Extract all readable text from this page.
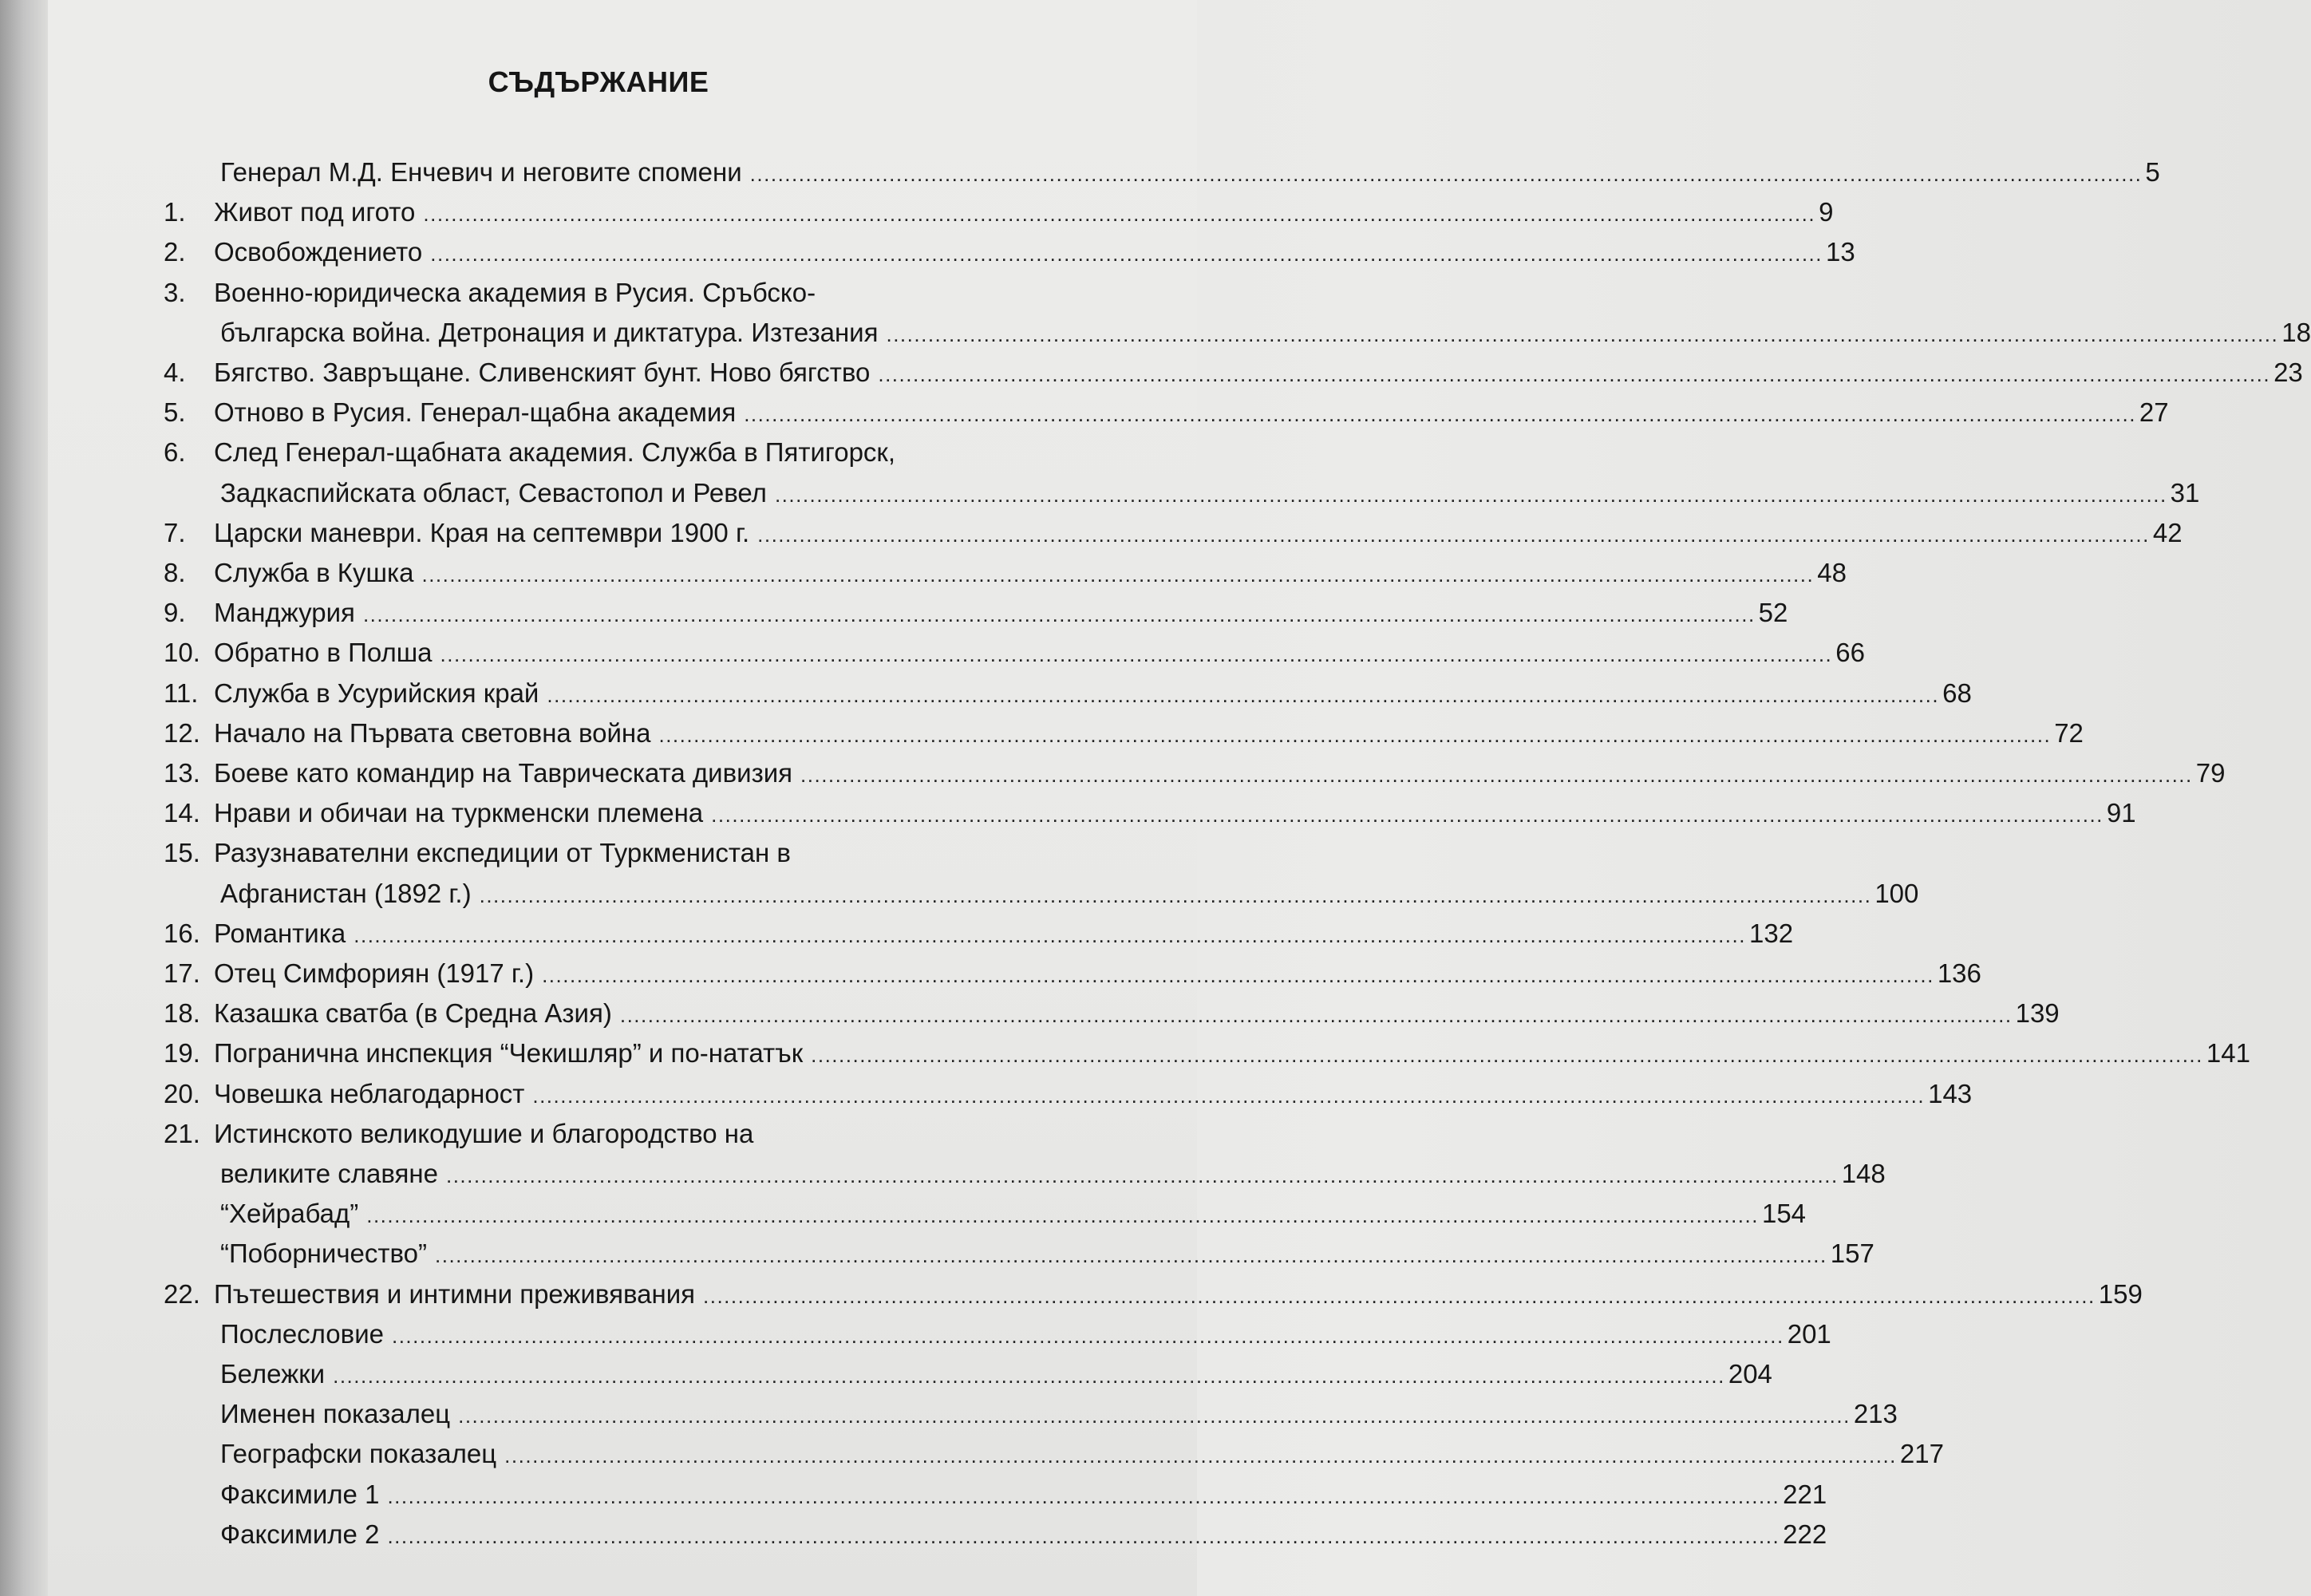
СЪДЪРЖАНИЕ
Генерал М.Д. Енчевич и неговите спомени ........................................................................................................................................................................................................ 5
1. Живот под игото ........................................................................................................................................................................................................ 9
2. Освобождението ........................................................................................................................................................................................................ 13
3. Военно-юридическа академия в Русия. Сръбско-
българска война. Детронация и диктатура. Изтезания ........................................................................................................................................................................................................ 18
4. Бягство. Завръщане. Сливенският бунт. Ново бягство ........................................................................................................................................................................................................ 23
5. Отново в Русия. Генерал-щабна академия ........................................................................................................................................................................................................ 27
6. След Генерал-щабната академия. Служба в Пятигорск,
Задкаспийската област, Севастопол и Ревел ........................................................................................................................................................................................................ 31
7. Царски маневри. Края на септември 1900 г. ........................................................................................................................................................................................................ 42
8. Служба в Кушка ........................................................................................................................................................................................................ 48
9. Манджурия ........................................................................................................................................................................................................ 52
10. Обратно в Полша ........................................................................................................................................................................................................ 66
11. Служба в Усурийския край ........................................................................................................................................................................................................ 68
12. Начало на Първата световна война ........................................................................................................................................................................................................ 72
13. Боеве като командир на Таврическата дивизия ........................................................................................................................................................................................................ 79
14. Нрави и обичаи на туркменски племена ........................................................................................................................................................................................................ 91
15. Разузнавателни експедиции от Туркменистан в
Афганистан (1892 г.) ........................................................................................................................................................................................................ 100
16. Романтика ........................................................................................................................................................................................................ 132
17. Отец Симфориян (1917 г.) ........................................................................................................................................................................................................ 136
18. Казашка сватба (в Средна Азия) ........................................................................................................................................................................................................ 139
19. Погранична инспекция “Чекишляр” и по-нататък ........................................................................................................................................................................................................ 141
20. Човешка неблагодарност ........................................................................................................................................................................................................ 143
21. Истинското великодушие и благородство на
великите славяне ........................................................................................................................................................................................................ 148
“Хейрабад” ........................................................................................................................................................................................................ 154
“Поборничество” ........................................................................................................................................................................................................ 157
22. Пътешествия и интимни преживявания ........................................................................................................................................................................................................ 159
Послесловие ........................................................................................................................................................................................................ 201
Бележки ........................................................................................................................................................................................................ 204
Именен показалец ........................................................................................................................................................................................................ 213
Географски показалец ........................................................................................................................................................................................................ 217
Факсимиле 1 ........................................................................................................................................................................................................ 221
Факсимиле 2 ........................................................................................................................................................................................................ 222
